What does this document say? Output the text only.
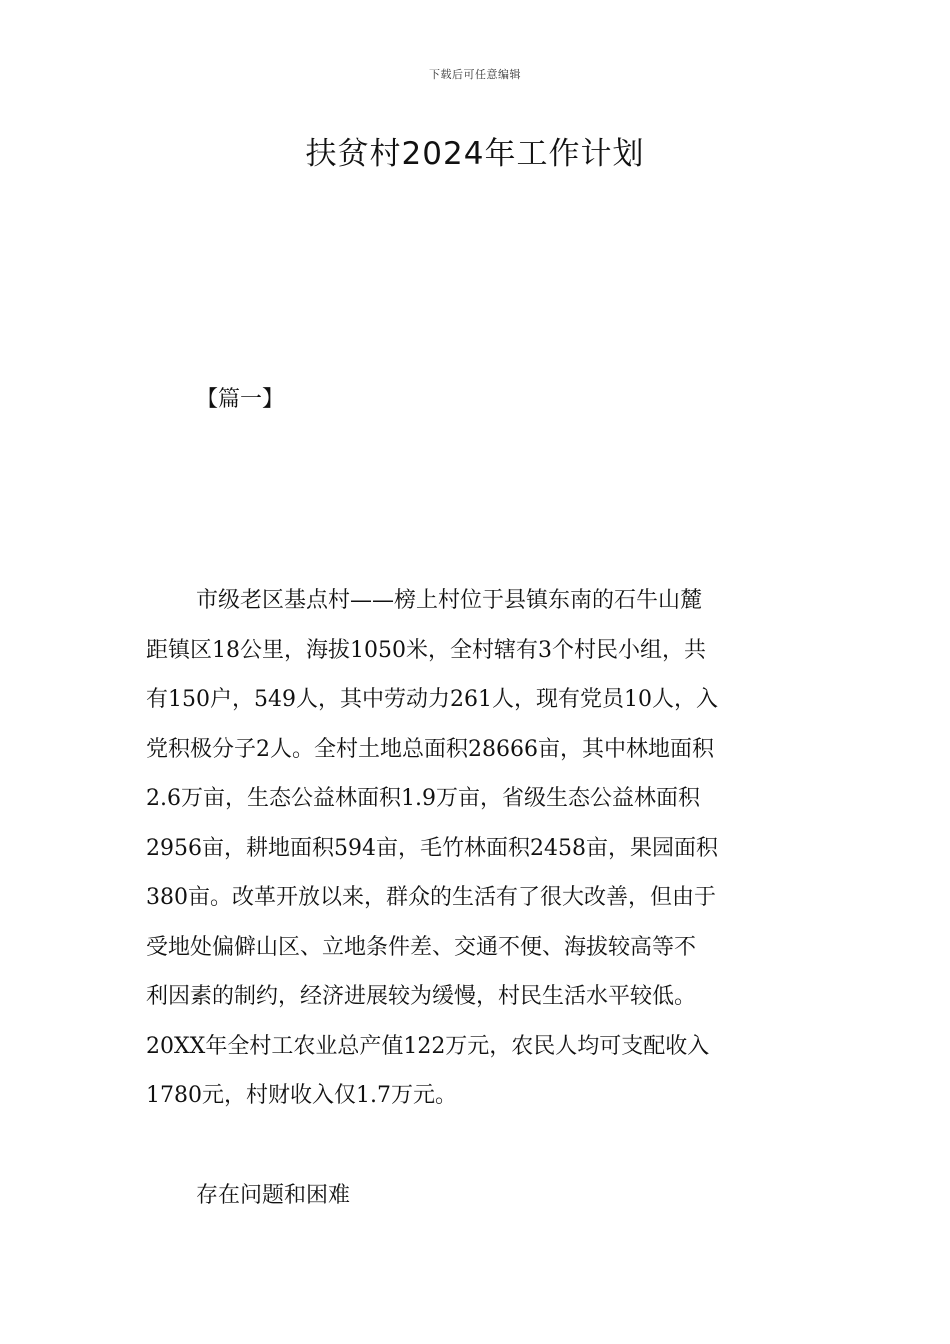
下载后可任意编辑
扶贫村2024年工作计划
【篇一】
市级老区基点村——榜上村位于县镇东南的石牛山麓
距镇区18公里，海拔1050米，全村辖有3个村民小组，共
有150户，549人，其中劳动力261人，现有党员10人，入
党积极分子2人。全村土地总面积28666亩，其中林地面积
2.6万亩，生态公益林面积1.9万亩，省级生态公益林面积
2956亩，耕地面积594亩，毛竹林面积2458亩，果园面积
380亩。改革开放以来，群众的生活有了很大改善，但由于
受地处偏僻山区、立地条件差、交通不便、海拔较高等不
利因素的制约，经济进展较为缓慢，村民生活水平较低。
20XX年全村工农业总产值122万元，农民人均可支配收入
1780元，村财收入仅1.7万元。
存在问题和困难
